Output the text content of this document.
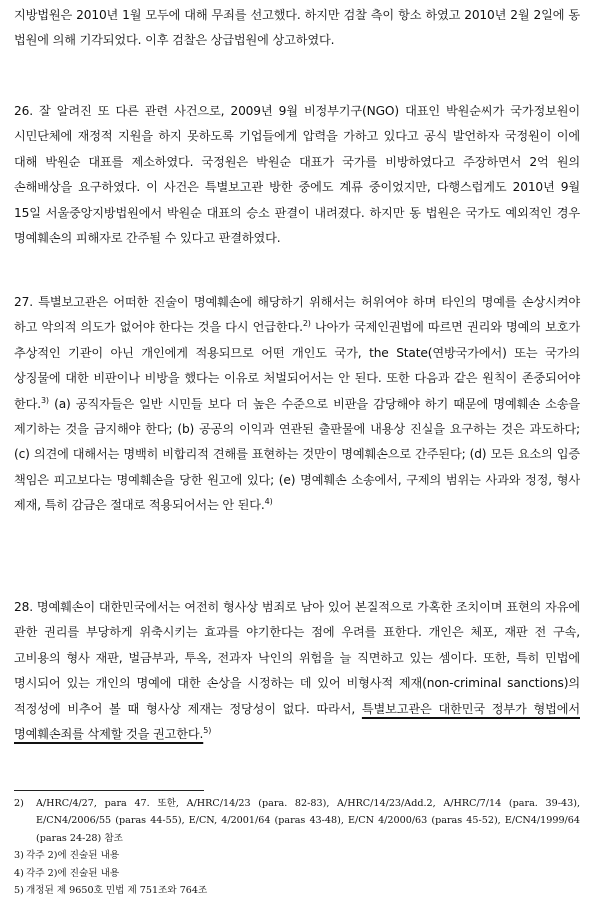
지방법원은 2010년 1월 모두에 대해 무죄를 선고했다. 하지만 검찰 측이 항소 하였고 2010년 2월 2일에 동 법원에 의해 기각되었다. 이후 검찰은 상급법원에 상고하였다.

26. 잘 알려진 또 다른 관련 사건으로, 2009년 9월 비정부기구(NGO) 대표인 박원순씨가 국가정보원이 시민단체에 재정적 지원을 하지 못하도록 기업들에게 압력을 가하고 있다고 공식 발언하자 국정원이 이에 대해 박원순 대표를 제소하였다. 국정원은 박원순 대표가 국가를 비방하였다고 주장하면서 2억 원의 손해배상을 요구하였다. 이 사건은 특별보고관 방한 중에도 계류 중이었지만, 다행스럽게도 2010년 9월 15일 서울중앙지방법원에서 박원순 대표의 승소 판결이 내려졌다. 하지만 동 법원은 국가도 예외적인 경우 명예훼손의 피해자로 간주될 수 있다고 판결하였다.

27. 특별보고관은 어떠한 진술이 명예훼손에 해당하기 위해서는 허위여야 하며 타인의 명예를 손상시켜야 하고 악의적 의도가 없어야 한다는 것을 다시 언급한다.$^{2)}$ 나아가 국제인권법에 따르면 권리와 명예의 보호가 추상적인 기관이 아닌 개인에게 적용되므로 어떤 개인도 국가, the State(연방국가에서) 또는 국가의 상징물에 대한 비판이나 비방을 했다는 이유로 처벌되어서는 안 된다. 또한 다음과 같은 원칙이 존중되어야 한다.$^{3)}$ (a) 공직자들은 일반 시민들 보다 더 높은 수준으로 비판을 감당해야 하기 때문에 명예훼손 소송을 제기하는 것을 금지해야 한다; (b) 공공의 이익과 연관된 출판물에 내용상 진실을 요구하는 것은 과도하다; (c) 의견에 대해서는 명백히 비합리적 견해를 표현하는 것만이 명예훼손으로 간주된다; (d) 모든 요소의 입증 책임은 피고보다는 명예훼손을 당한 원고에 있다; (e) 명예훼손 소송에서, 구제의 범위는 사과와 정정, 형사 제재, 특히 감금은 절대로 적용되어서는 안 된다.$^{4)}$

28. 명예훼손이 대한민국에서는 여전히 형사상 범죄로 남아 있어 본질적으로 가혹한 조치이며 표현의 자유에 관한 권리를 부당하게 위축시키는 효과를 야기한다는 점에 우려를 표한다. 개인은 체포, 재판 전 구속, 고비용의 형사 재판, 벌금부과, 투옥, 전과자 낙인의 위험을 늘 직면하고 있는 셈이다. 또한, 특히 민법에 명시되어 있는 개인의 명예에 대한 손상을 시정하는 데 있어 비형사적 제재(non-criminal sanctions)의 적정성에 비추어 볼 때 형사상 제재는 정당성이 없다. 따라서, 특별보고관은 대한민국 정부가 형법에서 명예훼손죄를 삭제할 것을 권고한다.$^{5)}$

2)	A/HRC/4/27, para 47. 또한, A/HRC/14/23 (para. 82-83), A/HRC/14/23/Add.2, A/HRC/7/14 (para. 39-43), E/CN4/2006/55 (paras 44-55), E/CN, 4/2001/64 (paras 43-48), E/CN 4/2000/63 (paras 45-52), E/CN4/1999/64 (paras 24-28) 참조
3) 각주 2)에 진술된 내용
4) 각주 2)에 진술된 내용
5) 개정된 제 9650호 민법 제 751조와 764조
